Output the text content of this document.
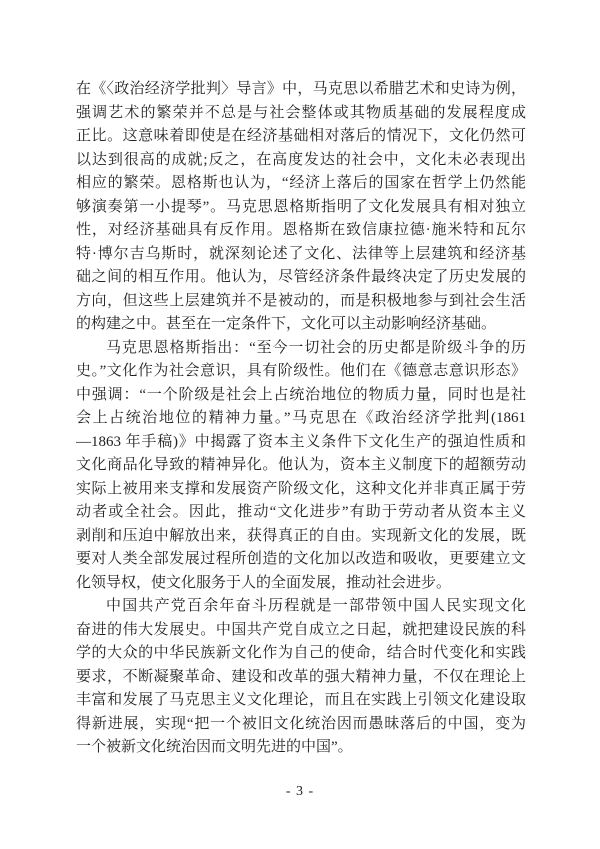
在《〈政治经济学批判〉导言》中，马克思以希腊艺术和史诗为例，
强调艺术的繁荣并不总是与社会整体或其物质基础的发展程度成
正比。这意味着即使是在经济基础相对落后的情况下，文化仍然可
以达到很高的成就;反之，在高度发达的社会中，文化未必表现出
相应的繁荣。恩格斯也认为，“经济上落后的国家在哲学上仍然能
够演奏第一小提琴”。马克思恩格斯指明了文化发展具有相对独立
性，对经济基础具有反作用。恩格斯在致信康拉德·施米特和瓦尔
特·博尔吉乌斯时，就深刻论述了文化、法律等上层建筑和经济基
础之间的相互作用。他认为，尽管经济条件最终决定了历史发展的
方向，但这些上层建筑并不是被动的，而是积极地参与到社会生活
的构建之中。甚至在一定条件下，文化可以主动影响经济基础。
马克思恩格斯指出：“至今一切社会的历史都是阶级斗争的历
史。”文化作为社会意识，具有阶级性。他们在《德意志意识形态》
中强调：“一个阶级是社会上占统治地位的物质力量，同时也是社
会上占统治地位的精神力量。”马克思在《政治经济学批判(1861
—1863 年手稿)》中揭露了资本主义条件下文化生产的强迫性质和
文化商品化导致的精神异化。他认为，资本主义制度下的超额劳动
实际上被用来支撑和发展资产阶级文化，这种文化并非真正属于劳
动者或全社会。因此，推动“文化进步”有助于劳动者从资本主义
剥削和压迫中解放出来，获得真正的自由。实现新文化的发展，既
要对人类全部发展过程所创造的文化加以改造和吸收，更要建立文
化领导权，使文化服务于人的全面发展，推动社会进步。
中国共产党百余年奋斗历程就是一部带领中国人民实现文化
奋进的伟大发展史。中国共产党自成立之日起，就把建设民族的科
学的大众的中华民族新文化作为自己的使命，结合时代变化和实践
要求，不断凝聚革命、建设和改革的强大精神力量，不仅在理论上
丰富和发展了马克思主义文化理论，而且在实践上引领文化建设取
得新进展，实现“把一个被旧文化统治因而愚昧落后的中国，变为
一个被新文化统治因而文明先进的中国”。
- 3 -
